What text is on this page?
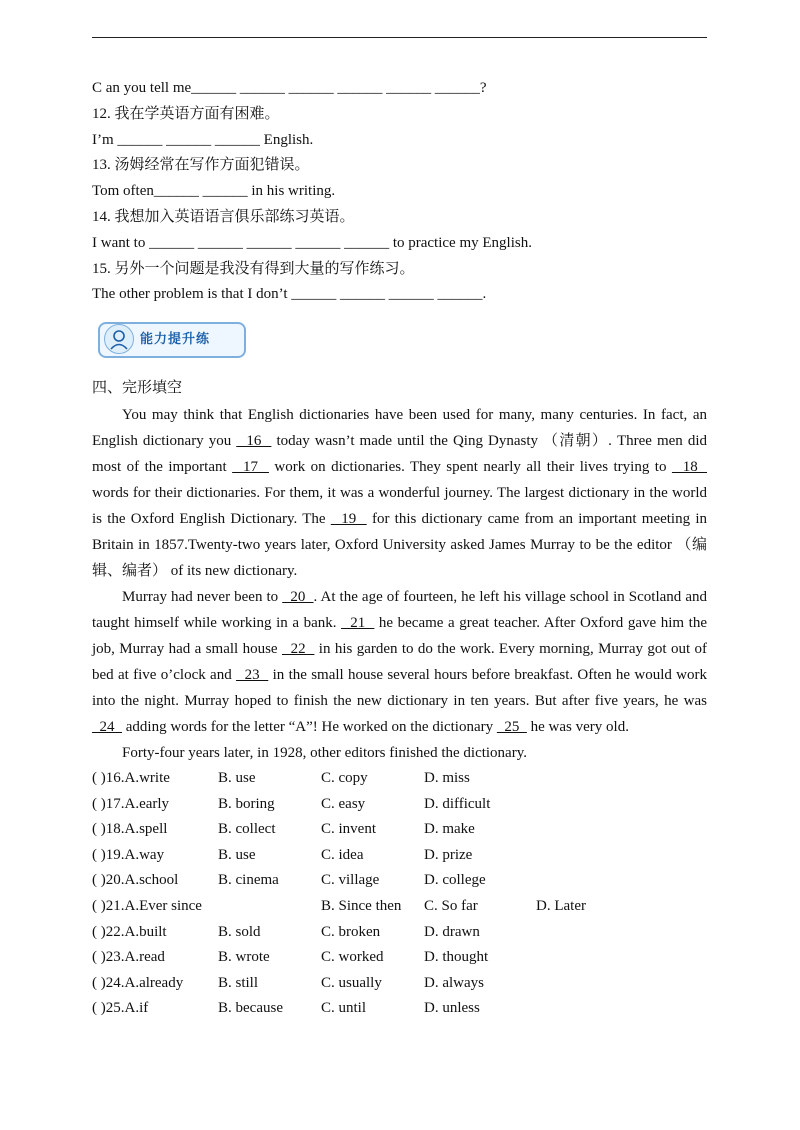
C an you tell me______ ______ ______ ______ ______ ______?
12. 我在学英语方面有困难。
I’m ______ ______ ______ English.
13. 汤姆经常在写作方面犯错误。
Tom often______ ______ in his writing.
14. 我想加入英语语言俱乐部练习英语。
I want to ______ ______ ______ ______ ______ to practice my English.
15. 另外一个问题是我没有得到大量的写作练习。
The other problem is that I don’t ______ ______ ______ ______.
能力提升练
四、完形填空
You may think that English dictionaries have been used for many, many centuries. In fact, an English dictionary you   16   today wasn’t made until the Qing Dynasty （清朝）. Three men did most of the important   17   work on dictionaries. They spent nearly all their lives trying to   18   words for their dictionaries. For them, it was a wonderful journey. The largest dictionary in the world is the Oxford English Dictionary. The   19   for this dictionary came from an important meeting in Britain in 1857.Twenty-two years later, Oxford University asked James Murray to be the editor （编辑、编者） of its new dictionary.
Murray had never been to   20  . At the age of fourteen, he left his village school in Scotland and taught himself while working in a bank.   21   he became a great teacher. After Oxford gave him the job, Murray had a small house   22   in his garden to do the work. Every morning, Murray got out of bed at five o’clock and   23   in the small house several hours before breakfast. Often he would work into the night. Murray hoped to finish the new dictionary in ten years. But after five years, he was   24   adding words for the letter “A”! He worked on the dictionary   25   he was very old.
Forty-four years later, in 1928, other editors finished the dictionary.
( )16.A.write	B. use	C. copy	D. miss
( )17.A.early	B. boring	C. easy	D. difficult
( )18.A.spell	B. collect	C. invent	D. make
( )19.A.way	B. use	C. idea	D. prize
( )20.A.school	B. cinema	C. village	D. college
( )21.A.Ever since	B. Since then C. So far	D. Later
( )22.A.built	B. sold	C. broken	D. drawn
( )23.A.read	B. wrote	C. worked	D. thought
( )24.A.already B. still	C. usually	D. always
( )25.A.if	B. because	C. until	D. unless
